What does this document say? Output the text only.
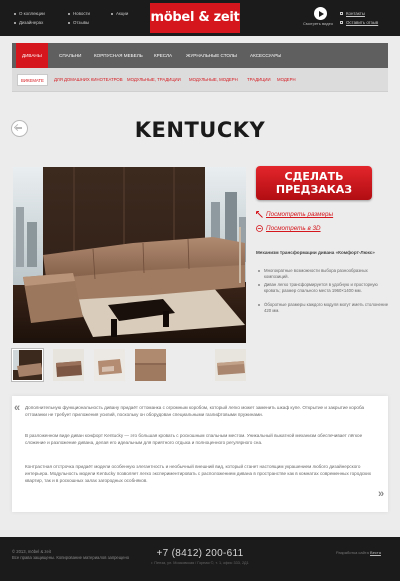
О коллекции
Дизайнерах
Новости
Отзывы
Акции möbel & zeit	Смотреть видео
Контакты
Оставить отзыв
ДИВАНЫ	СПАЛЬНИ	КОРПУСНАЯ МЕБЕЛЬ КРЕСЛА	ЖУРНАЛЬНЫЕ СТОЛЫ	АКСЕССУАРЫ
ВИКЕМАТЕ	ДЛЯ ДОМАШНИХ КИНОТЕАТРОВ МОДУЛЬНЫЕ, ТРАДИЦИИ МОДУЛЬНЫЕ, МОДЕРН ТРАДИЦИИ МОДЕРН
KENTUCKY
СДЕЛАТЬ
ПРЕДЗАКАЗ
Посмотреть размеры
Посмотреть в 3D
Механизм трансформации дивана «Комфорт-Люкс»
Многократные возможности выбора разнообразных композиций.
Диван легко трансформируется в удобную и просторную кровать; размер спального места 1960×1400 мм.
Óборотные размеры каждого модуля могут иметь столонение 420 мм.
« Дополнительную функциональность дивану придаёт оттоманка с огромным коробом, который легко может заменить шкаф купе. Открытие и закрытие короба оттоманки не требует приложения усилий, поскольку он оборудован специальными газлифтовыми пружинами.
В разложенном виде диван конфорт Kentucky — это большая кровать с роскошным спальным местом. Уникальный выкатной механизм обеспечивает лёгкое сложение и разложение дивана, делая его идеальным для приятного отдыха и полноценного регулярного сна.
Контрастная отстрочка придаёт модели особенную элегантность и необычный внешний вид, который станет настоящим украшением любого дизайнерского интерьера. Модульность модели Kentucky позволяет легко экспериментировать с расположением дивана в пространстве как в комнатах современных городских квартир, так и в роскошных залах загородных особняков.
»
© 2013, möbel & zeit
Все права защищены. Копирование материалов запрещено	+7 (8412) 200-611
г. Пенза, ул. Московская / Горная ©, т. 1, офис 333, 2Д1
Разработка сайта Веста
